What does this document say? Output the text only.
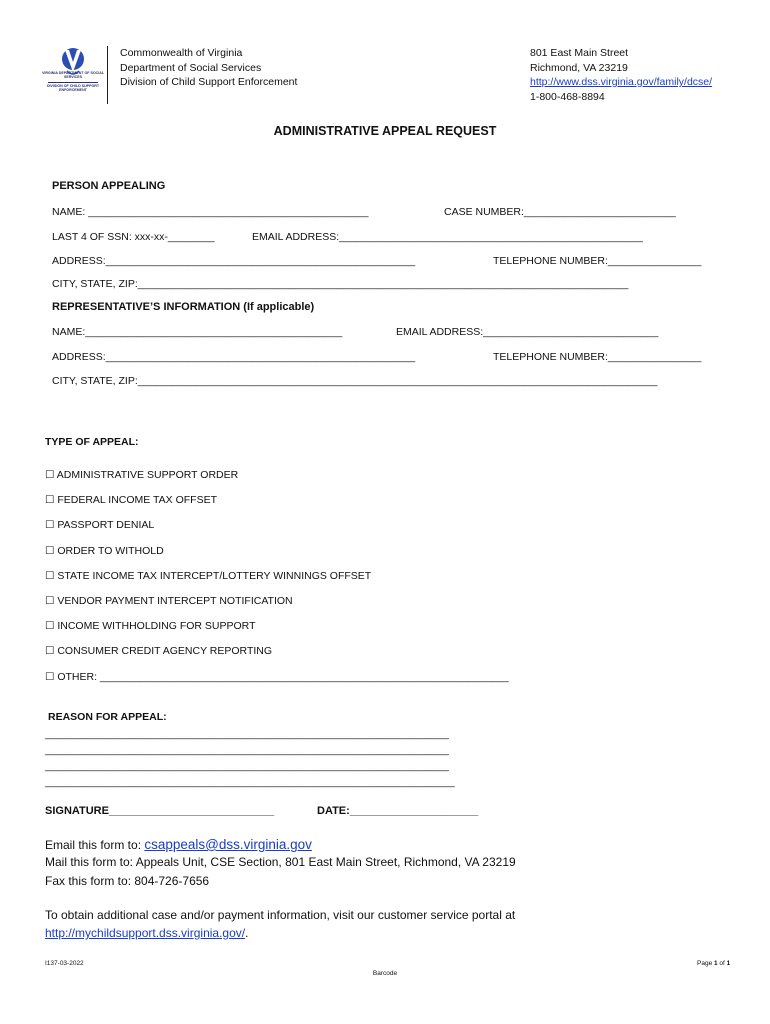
VIRGINIA DEPARTMENT OF SOCIAL SERVICES
DIVISION OF CHILD SUPPORT ENFORCEMENT
Commonwealth of Virginia
Department of Social Services
Division of Child Support Enforcement
801 East Main Street
Richmond, VA 23219
http://www.dss.virginia.gov/family/dcse/
1-800-468-8894
ADMINISTRATIVE APPEAL REQUEST
PERSON APPEALING
NAME: ________________________________________________	CASE NUMBER:__________________________
LAST 4 OF SSN: xxx-xx-________	EMAIL ADDRESS:____________________________________________________
ADDRESS:_____________________________________________________	TELEPHONE NUMBER:________________
CITY, STATE, ZIP:____________________________________________________________________________________
REPRESENTATIVE’S INFORMATION (If applicable)
NAME:____________________________________________	EMAIL ADDRESS:______________________________
ADDRESS:_____________________________________________________	TELEPHONE NUMBER:________________
CITY, STATE, ZIP:_________________________________________________________________________________________
TYPE OF APPEAL:
☐ ADMINISTRATIVE SUPPORT ORDER
☐ FEDERAL INCOME TAX OFFSET
☐ PASSPORT DENIAL
☐ ORDER TO WITHOLD
☐ STATE INCOME TAX INTERCEPT/LOTTERY WINNINGS OFFSET
☐ VENDOR PAYMENT INTERCEPT NOTIFICATION
☐ INCOME WITHHOLDING FOR SUPPORT
☐ CONSUMER CREDIT AGENCY REPORTING
☐ OTHER: ______________________________________________________________________
REASON FOR APPEAL:
____________________________________________________________________
____________________________________________________________________
____________________________________________________________________
_____________________________________________________________________
SIGNATURE___________________________	DATE:_____________________
Email this form to: csappeals@dss.virginia.gov
Mail this form to: Appeals Unit, CSE Section, 801 East Main Street, Richmond, VA 23219
Fax this form to: 804-726-7656
To obtain additional case and/or payment information, visit our customer service portal at
http://mychildsupport.dss.virginia.gov/.
I137-03-2022
Barcode
Page 1 of 1
